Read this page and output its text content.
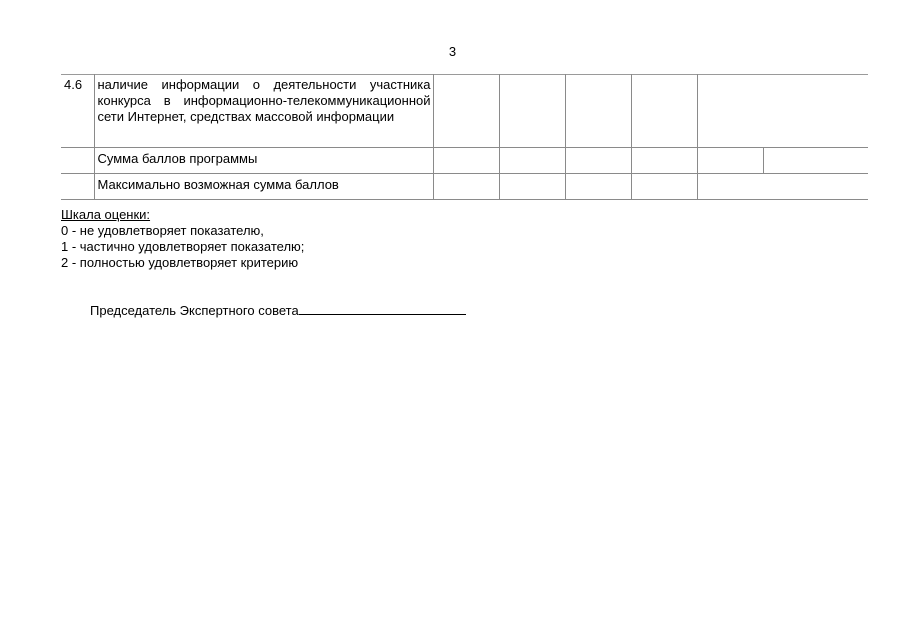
3
4.6	наличие информации о деятельности участника конкурса в информационно-телекоммуникационной сети Интернет, средствах массовой информации						
	Сумма баллов программы						
	Максимально возможная сумма баллов						
Шкала оценки:
0 - не удовлетворяет показателю,
1 - частично удовлетворяет показателю;
2 - полностью удовлетворяет критерию
Председатель Экспертного совета
